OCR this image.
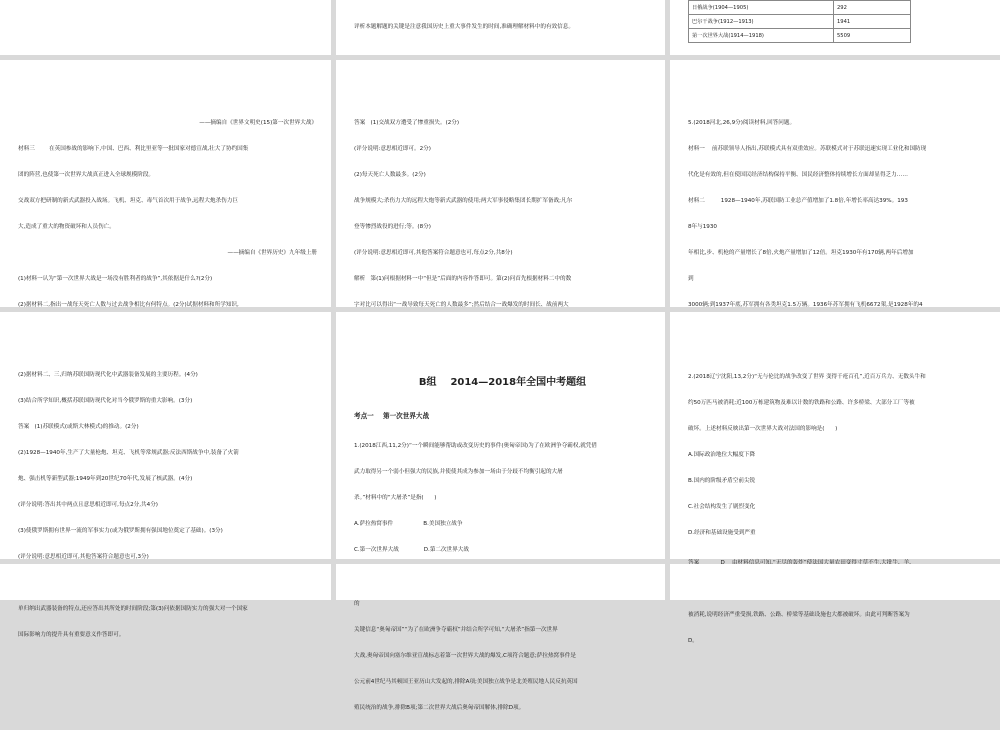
评析本题解题的关键是注意我国历史上重大事件发生的时间,准确理解材料中的有效信息。

日俄战争(1904—1905)	292
巴尔干战争(1912—1913)	1941
第一次世界大战(1914—1918)	5509

——摘编自《世界文明史(15)第一次世界大战》

材料三        在英国参战的影响下,中国、巴西、利比里亚等一批国家对德宣战,壮大了协约国集

团的阵营,也使第一次世界大战真正进入全球规模阶段。

交战双方把研制的新式武器投入战场。飞机、坦克、毒气首次用于战争,远程大炮杀伤力巨

大,造成了重大的物资破坏和人员伤亡。

——摘编自《世界历史》九年级上册

(1)材料一认为“第一次世界大战是一场没有胜利者的战争”,其依据是什么?(2分)

(2)据材料二,指出一战每天死亡人数与过去战争相比有何特点。(2分)试据材料和所学知识,

答案   (1)交战双方遭受了惨重损失。(2分)

(评分说明:意思相近即可。2分)

(2)每天死亡人数最多。(2分)

战争规模大;杀伤力大的远程大炮等新式武器的使用;两大军事侵略集团长期扩军备战;凡尔

登等惨烈战役的进行;等。(8分)

(评分说明:意思相近即可,其他答案符合题意也可,每点2分,共8分)

解析   第(1)问根据材料一中“但是”后面的内容作答即可。第(2)问首先根据材料二中的数

字对比可以得出“一战导致每天死亡的人数最多”;然后结合一战爆发的时间长、战前两大

5.(2018河北,26,9分)阅读材料,回答问题。

材料一    前苏联领导人指出,苏联模式具有双重效应。苏联模式对于苏联迅速实现工业化和国防现

代化是有效的,但在使国民经济结构保持平衡、国民经济整体持续增长方面却显得乏力……

材料二         1928—1940年,苏联国防工业总产值增加了1.8倍,年增长率高达39%。193

8年与1930

年相比,步、机枪的产量增长了8倍,火炮产量增加了12倍。坦克1930年有170辆,两年后增加

到

3000辆;到1937年底,苏军拥有各类坦克1.5万辆。1936年苏军拥有飞机6672架,是1928年的4

(2)据材料二、三,归纳苏联国防现代化中武器装备发展的主要历程。(4分)

(3)结合所学知识,概括苏联国防现代化对当今俄罗斯的重大影响。(3分)

答案   (1)苏联模式(或斯大林模式)的推动。(2分)

(2)1928—1940年,生产了大量枪炮、坦克、飞机等常规武器;反法西斯战争中,装备了火箭

炮、强击机等新型武器;1949年到20世纪70年代,发展了核武器。(4分)

(评分说明:答出其中两点且意思相近即可,每点2分,共4分)

(3)使俄罗斯拥有世界一流的军事实力(或为俄罗斯拥有强国地位奠定了基础)。(3分)

(评分说明:意思相近即可,其他答案符合题意也可,3分)

单归纳出武器装备的特点,还应答出其所处的时间阶段;第(3)问依据国防实力的强大对一个国家

国际影响力的提升具有重要意义作答即可。

B组    2014—2018年全国中考题组

考点一    第一次世界大战

1.(2018江西,11,2分)“一个瞬间能够帮助或改变历史的事件(奥匈帝国)为了在欧洲争夺霸权,就凭借

武力取得另一个弱小但强大的民族,并使使其成为参加一场由于分歧不均衡引起的大屠

杀。”材料中的“大屠杀”是指(      )

A.萨拉热窝事件                 B.美国独立战争

C.第一次世界大战              D.第二次世界大战

的

关键信息“奥匈帝国”“为了在欧洲争夺霸权”并结合所学可知,“大屠杀”指第一次世界

大战,奥匈帝国向塞尔维亚宣战标志着第一次世界大战的爆发,C项符合题意;萨拉热窝事件是

公元前4世纪马其顿国王亚历山大发起的,排除A项;美国独立战争是北美殖民地人民反抗英国

殖民统治的战争,排除B项;第二次世界大战后奥匈帝国解体,排除D项。

2.(2018辽宁沈阳,13,2分)“无与伦比的战争改变了世界 变得千疮百孔”,近百万兵力、无数头牛和

约50万匹马被消耗;近100万栋建筑物及难以计数的铁路和公路、许多桥梁、大部分工厂等被

破坏。上述材料反映出第一次世界大战对法国的影响是(      )

A.国际政治地位大幅度下降

B.国内的阶级矛盾空前尖锐

C.社会结构发生了剧烈变化

D.经济和基础设施受到严重

被消耗,说明经济严重受损,铁路、公路、桥梁等基础设施也大都被破坏。由此可判断答案为

D。
